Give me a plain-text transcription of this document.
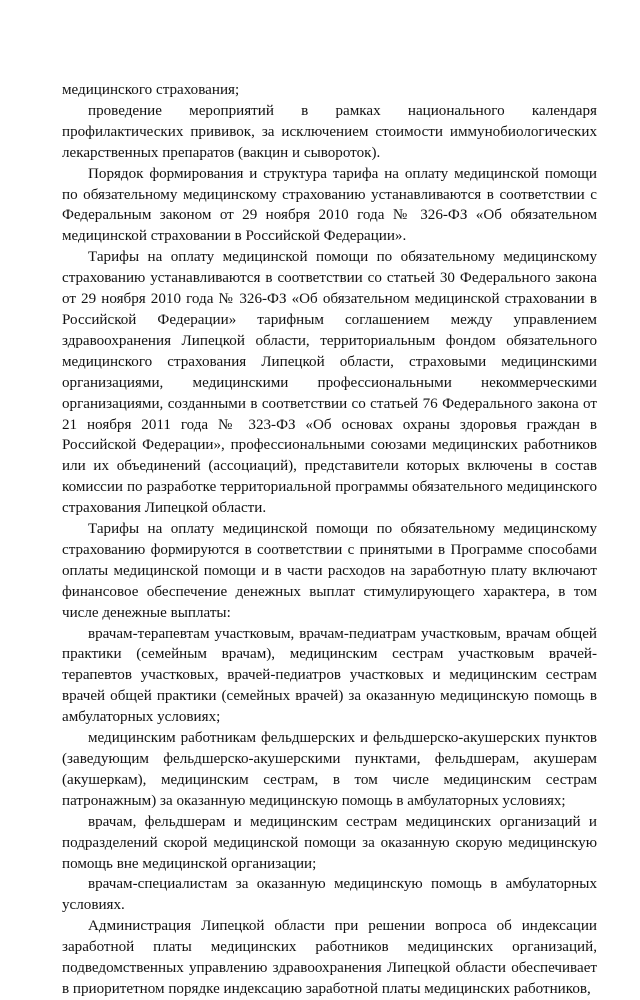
медицинского страхования;

проведение мероприятий в рамках национального календаря профилактических прививок, за исключением стоимости иммунобиологических лекарственных препаратов (вакцин и сывороток).

Порядок формирования и структура тарифа на оплату медицинской помощи по обязательному медицинскому страхованию устанавливаются в соответствии с Федеральным законом от 29 ноября 2010 года № 326-ФЗ «Об обязательном медицинской страховании в Российской Федерации».

Тарифы на оплату медицинской помощи по обязательному медицинскому страхованию устанавливаются в соответствии со статьей 30 Федерального закона от 29 ноября 2010 года № 326-ФЗ «Об обязательном медицинской страховании в Российской Федерации» тарифным соглашением между управлением здравоохранения Липецкой области, территориальным фондом обязательного медицинского страхования Липецкой области, страховыми медицинскими организациями, медицинскими профессиональными некоммерческими организациями, созданными в соответствии со статьей 76 Федерального закона от 21 ноября 2011 года № 323-ФЗ «Об основах охраны здоровья граждан в Российской Федерации», профессиональными союзами медицинских работников или их объединений (ассоциаций), представители которых включены в состав комиссии по разработке территориальной программы обязательного медицинского страхования Липецкой области.

Тарифы на оплату медицинской помощи по обязательному медицинскому страхованию формируются в соответствии с принятыми в Программе способами оплаты медицинской помощи и в части расходов на заработную плату включают финансовое обеспечение денежных выплат стимулирующего характера, в том числе денежные выплаты:

врачам-терапевтам участковым, врачам-педиатрам участковым, врачам общей практики (семейным врачам), медицинским сестрам участковым врачей-терапевтов участковых, врачей-педиатров участковых и медицинским сестрам врачей общей практики (семейных врачей) за оказанную медицинскую помощь в амбулаторных условиях;

медицинским работникам фельдшерских и фельдшерско-акушерских пунктов (заведующим фельдшерско-акушерскими пунктами, фельдшерам, акушерам (акушеркам), медицинским сестрам, в том числе медицинским сестрам патронажным) за оказанную медицинскую помощь в амбулаторных условиях;

врачам, фельдшерам и медицинским сестрам медицинских организаций и подразделений скорой медицинской помощи за оказанную скорую медицинскую помощь вне медицинской организации;

врачам-специалистам за оказанную медицинскую помощь в амбулаторных условиях.

Администрация Липецкой области при решении вопроса об индексации заработной платы медицинских работников медицинских организаций, подведомственных управлению здравоохранения Липецкой области обеспечивает в приоритетном порядке индексацию заработной платы медицинских работников,
